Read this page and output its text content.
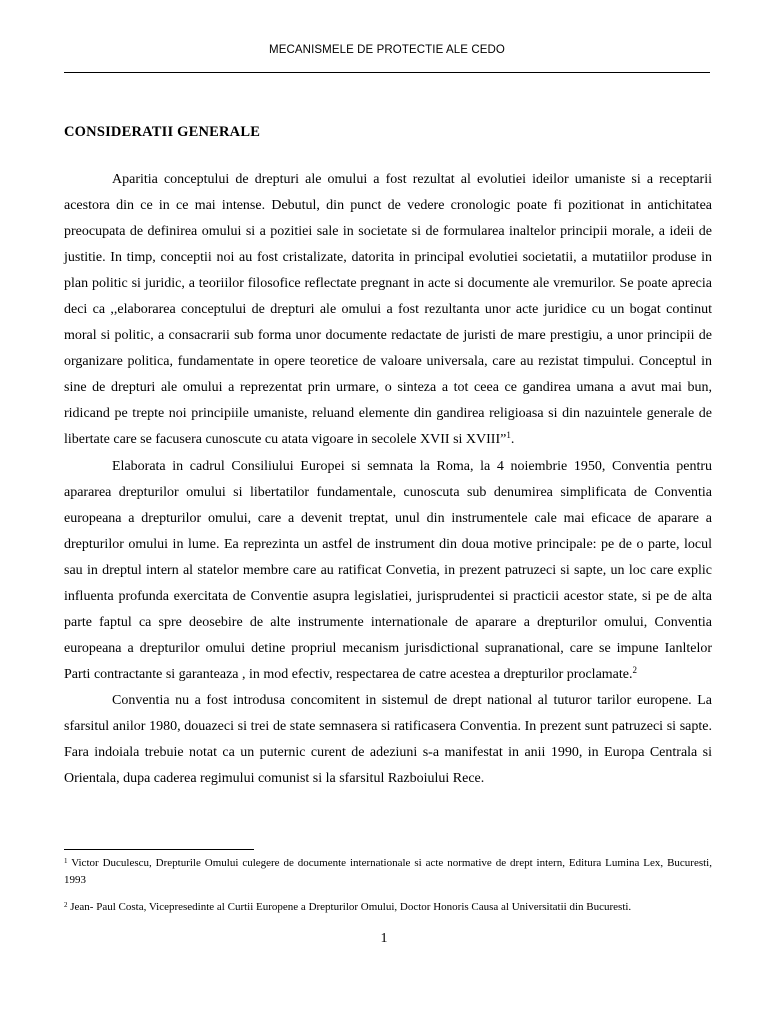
MECANISMELE DE PROTECTIE ALE CEDO
CONSIDERATII GENERALE

Aparitia conceptului de drepturi ale omului a fost rezultat al evolutiei ideilor umaniste si a receptarii acestora din ce in ce mai intense. Debutul, din punct de vedere cronologic poate fi pozitionat in antichitatea preocupata de definirea omului si a pozitiei sale in societate si de formularea inaltelor principii morale, a ideii de justitie. In timp, conceptii noi au fost cristalizate, datorita in principal evolutiei societatii, a mutatiilor produse in plan politic si juridic, a teoriilor filosofice reflectate pregnant in acte si documente ale vremurilor. Se poate aprecia deci ca ,,elaborarea conceptului de drepturi ale omului a fost rezultanta unor acte juridice cu un bogat continut moral si politic, a consacrarii sub forma unor documente redactate de juristi de mare prestigiu, a unor principii de organizare politica, fundamentate in opere teoretice de valoare universala, care au rezistat timpului. Conceptul in sine de drepturi ale omului a reprezentat prin urmare, o sinteza a tot ceea ce gandirea umana a avut mai bun, ridicand pe trepte noi principiile umaniste, reluand elemente din gandirea religioasa si din nazuintele generale de libertate care se facusera cunoscute cu atata vigoare in secolele XVII si XVIII”$^1$.

Elaborata in cadrul Consiliului Europei si semnata la Roma, la 4 noiembrie 1950, Conventia pentru apararea drepturilor omului si libertatilor fundamentale, cunoscuta sub denumirea simplificata de Conventia europeana a drepturilor omului, care a devenit treptat, unul din instrumentele cale mai eficace de aparare a drepturilor omului in lume. Ea reprezinta un astfel de instrument din doua motive principale: pe de o parte, locul sau in dreptul intern al statelor membre care au ratificat Convetia, in prezent patruzeci si sapte, un loc care explic influenta profunda exercitata de Conventie asupra legislatiei, jurisprudentei si practicii acestor state, si pe de alta parte faptul ca spre deosebire de alte instrumente internationale de aparare a drepturilor omului, Conventia europeana a drepturilor omului detine propriul mecanism jurisdictional supranational, care se impune Ianltelor Parti contractante si garanteaza , in mod efectiv, respectarea de catre acestea a drepturilor proclamate.$^2$

Conventia nu a fost introdusa concomitent in sistemul de drept national al tuturor tarilor europene. La sfarsitul anilor 1980, douazeci si trei de state semnasera si ratificasera Conventia. In prezent sunt patruzeci si sapte. Fara indoiala trebuie notat ca un puternic curent de adeziuni s-a manifestat in anii 1990, in Europa Centrala si Orientala, dupa caderea regimului comunist si la sfarsitul Razboiului Rece.

$^1$ Victor Duculescu, Drepturile Omului culegere de documente internationale si acte normative de drept intern, Editura Lumina Lex, Bucuresti, 1993

$^2$ Jean- Paul Costa, Vicepresedinte al Curtii Europene a Drepturilor Omului, Doctor Honoris Causa al Universitatii din Bucuresti.

1
